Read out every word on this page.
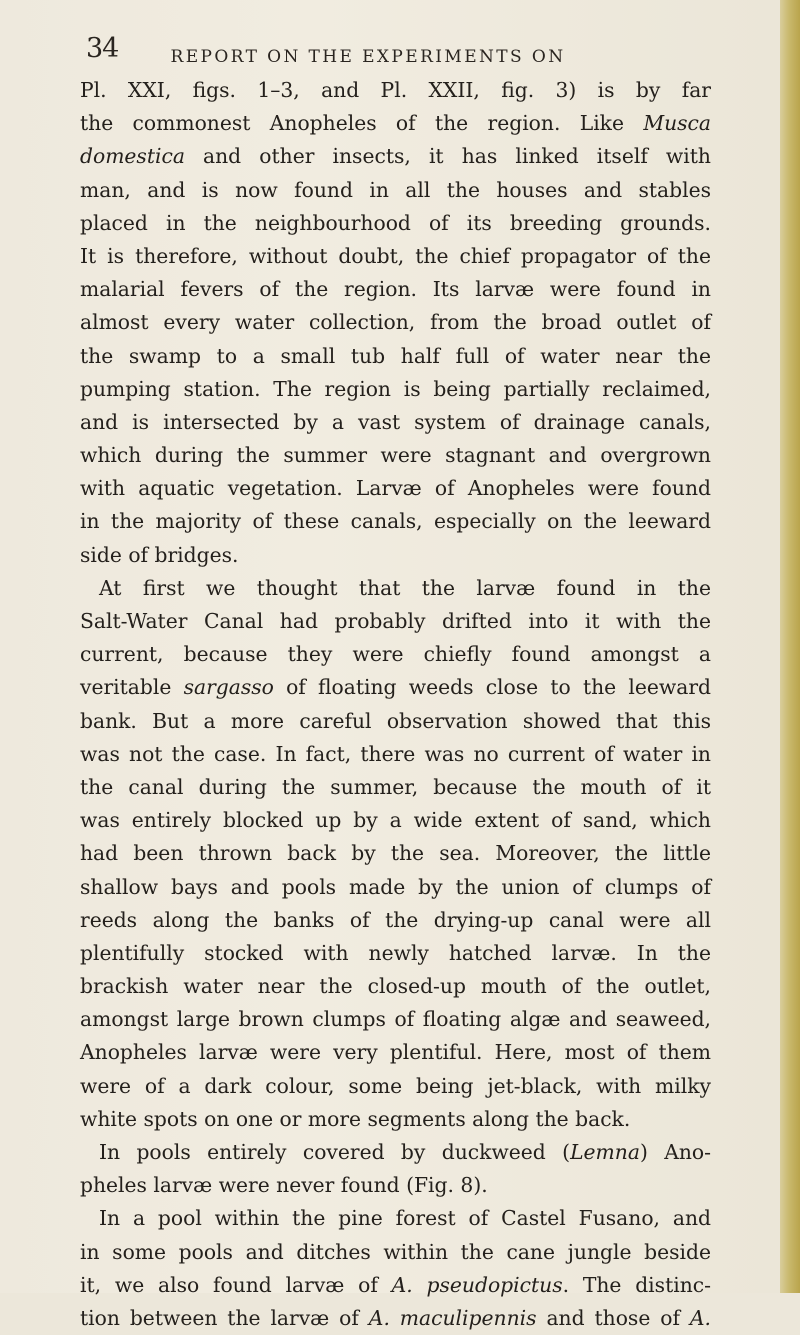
34	REPORT ON THE EXPERIMENTS ON
Pl. XXI, figs. 1–3, and Pl. XXII, fig. 3) is by far
the commonest Anopheles of the region. Like Musca
domestica and other insects, it has linked itself with
man, and is now found in all the houses and stables
placed in the neighbourhood of its breeding grounds.
It is therefore, without doubt, the chief propagator of the
malarial fevers of the region. Its larvæ were found in
almost every water collection, from the broad outlet of
the swamp to a small tub half full of water near the
pumping station. The region is being partially reclaimed,
and is intersected by a vast system of drainage canals,
which during the summer were stagnant and overgrown
with aquatic vegetation. Larvæ of Anopheles were found
in the majority of these canals, especially on the leeward
side of bridges.
At first we thought that the larvæ found in the
Salt-Water Canal had probably drifted into it with the
current, because they were chiefly found amongst a
veritable sargasso of floating weeds close to the leeward
bank. But a more careful observation showed that this
was not the case. In fact, there was no current of water in
the canal during the summer, because the mouth of it
was entirely blocked up by a wide extent of sand, which
had been thrown back by the sea. Moreover, the little
shallow bays and pools made by the union of clumps of
reeds along the banks of the drying-up canal were all
plentifully stocked with newly hatched larvæ. In the
brackish water near the closed-up mouth of the outlet,
amongst large brown clumps of floating algæ and seaweed,
Anopheles larvæ were very plentiful. Here, most of them
were of a dark colour, some being jet-black, with milky
white spots on one or more segments along the back.
In pools entirely covered by duckweed (Lemna) Ano-
pheles larvæ were never found (Fig. 8).
In a pool within the pine forest of Castel Fusano, and
in some pools and ditches within the cane jungle beside
it, we also found larvæ of A. pseudopictus. The distinc-
tion between the larvæ of A. maculipennis and those of A.
